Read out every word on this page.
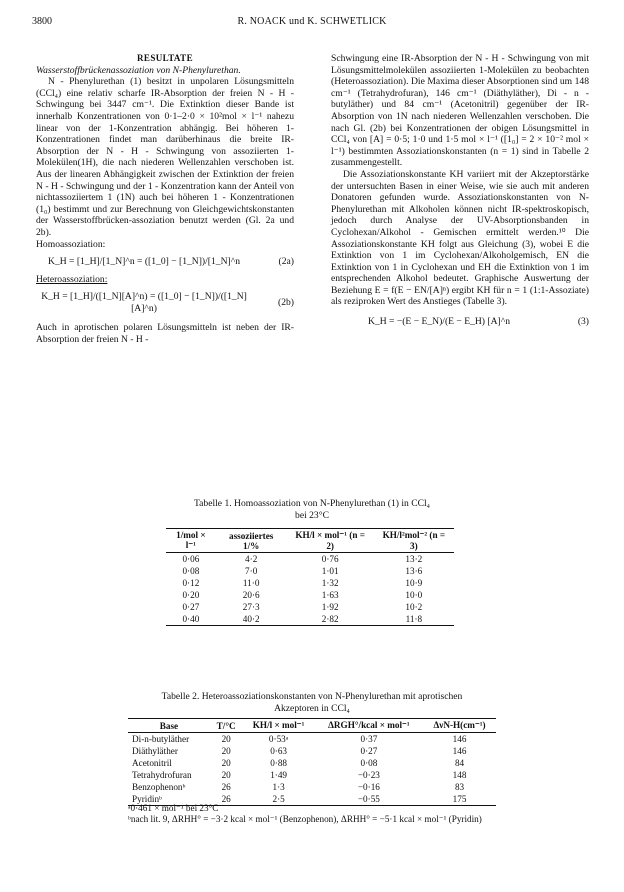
3800	R. NOACK und K. SCHWETLICK

RESULTATE

Wasserstoffbrückenassoziation von N-Phenylurethan.

N - Phenylurethan (1) besitzt in unpolaren Lösungsmitteln (CCl₄) eine relativ scharfe IR-Absorption der freien N - H - Schwingung bei 3447 cm⁻¹. Die Extinktion dieser Bande ist innerhalb Konzentrationen von 0·1–2·0 × 10²mol × l⁻¹ nahezu linear von der 1-Konzentration abhängig. Bei höheren 1-Konzentrationen findet man darüberhinaus die breite IR-Absorption der N - H - Schwingung von assoziierten 1-Molekülen(1H), die nach niederen Wellenzahlen verschoben ist. Aus der linearen Abhängigkeit zwischen der Extinktion der freien N - H - Schwingung und der 1 - Konzentration kann der Anteil von nichtassoziiertem 1 (1N) auch bei höheren 1 - Konzentrationen (1₀) bestimmt und zur Berechnung von Gleichgewichtskonstanten der Wasserstoffbrücken-assoziation benutzt werden (Gl. 2a und 2b).

Homoassoziation:

K_H = [1_H]/[1_N]^n = ([1_0] − [1_N])/[1_N]^n	(2a)

Heteroassoziation:

K_H = [1_H]/([1_N][A]^n) = ([1_0] − [1_N])/([1_N][A]^n)
(2b)

Auch in aprotischen polaren Lösungsmitteln ist neben der IR-Absorption der freien N - H -

Schwingung eine IR-Absorption der N - H - Schwingung von mit Lösungsmittelmolekülen assoziierten 1-Molekülen zu beobachten (Heteroassoziation). Die Maxima dieser Absorptionen sind um 148 cm⁻¹ (Tetrahydrofuran), 146 cm⁻¹ (Diäthyläther), Di - n - butyläther) und 84 cm⁻¹ (Acetonitril) gegenüber der IR-Absorption von 1N nach niederen Wellenzahlen verschoben. Die nach Gl. (2b) bei Konzentrationen der obigen Lösungsmittel in CCl₄ von [A] = 0·5; 1·0 und 1·5 mol × l⁻¹ ([1₀] = 2 × 10⁻² mol × l⁻¹) bestimmten Assoziationskonstanten (n = 1) sind in Tabelle 2 zusammengestellt.

Die Assoziationskonstante KH variiert mit der Akzeptorstärke der untersuchten Basen in einer Weise, wie sie auch mit anderen Donatoren gefunden wurde. Assoziationskonstanten von N-Phenylurethan mit Alkoholen können nicht IR-spektroskopisch, jedoch durch Analyse der UV-Absorptionsbanden in Cyclohexan/Alkohol - Gemischen ermittelt werden.¹⁰ Die Assoziationskonstante KH folgt aus Gleichung (3), wobei E die Extinktion von 1 im Cyclohexan/Alkoholgemisch, EN die Extinktion von 1 in Cyclohexan und EH die Extinktion von 1 im entsprechenden Alkohol bedeutet. Graphische Auswertung der Beziehung E = f(E − EN/[A]ⁿ) ergibt KH für n = 1 (1:1-Assoziate) als reziproken Wert des Anstieges (Tabelle 3).

K_H = −(E − E_N)/(E − E_H) [A]^n	(3)
Tabelle 1. Homoassoziation von N-Phenylurethan (1) in CCl₄
bei 23°C
1/mol × l⁻¹	assoziiertes 1/%	KH/l × mol⁻¹ (n = 2)	KH/l²mol⁻² (n = 3)

0·06	4·2	0·76	13·2
0·08	7·0	1·01	13·6
0·12	11·0	1·32	10·9
0·20	20·6	1·63	10·0
0·27	27·3	1·92	10·2
0·40	40·2	2·82	11·8
Tabelle 2. Heteroassoziationskonstanten von N-Phenylurethan mit aprotischen
Akzeptoren in CCl₄
Base	T/°C	KH/l × mol⁻¹	ΔRGH°/kcal × mol⁻¹	ΔνN-H(cm⁻¹)
Di-n-butyläther	20	0·53ᵃ	0·37	146
Diäthyläther	20	0·63	0·27	146
Acetonitril	20	0·88	0·08	84
Tetrahydrofuran	20	1·49	−0·23	148
Benzophenonᵇ	26	1·3	−0·16	83
Pyridinᵇ	26	2·5	−0·55	175
ᵃ0·461 × mol⁻¹ bei 23°C
ᵇnach lit. 9, ΔRHH° = −3·2 kcal × mol⁻¹ (Benzophenon), ΔRHH° = −5·1 kcal × mol⁻¹ (Pyridin)
